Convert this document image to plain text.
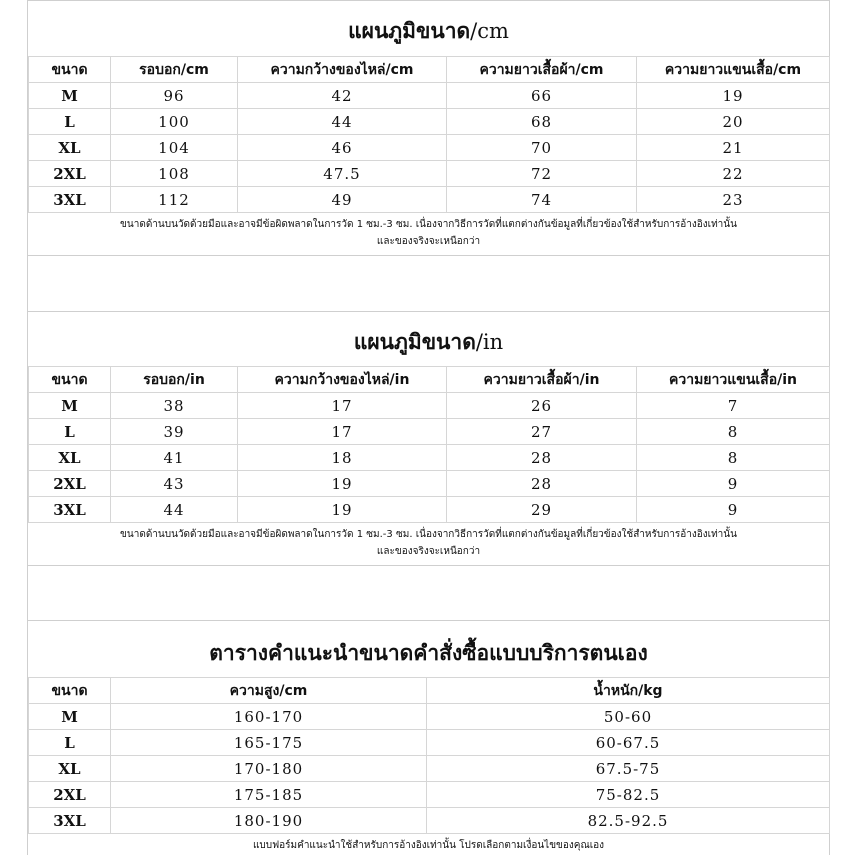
แผนภูมิขนาด/cm
ขนาด	รอบอก/cm	ความกว้างของไหล่/cm	ความยาวเสื้อผ้า/cm	ความยาวแขนเสื้อ/cm
M	96	42	66	19
L	100	44	68	20
XL	104	46	70	21
2XL	108	47.5	72	22
3XL	112	49	74	23
ขนาดด้านบนวัดด้วยมือและอาจมีข้อผิดพลาดในการวัด 1 ซม.-3 ซม. เนื่องจากวิธีการวัดที่แตกต่างกันข้อมูลที่เกี่ยวข้องใช้สำหรับการอ้างอิงเท่านั้น
และของจริงจะเหนือกว่า
แผนภูมิขนาด/in
ขนาด	รอบอก/in	ความกว้างของไหล่/in	ความยาวเสื้อผ้า/in	ความยาวแขนเสื้อ/in
M	38	17	26	7
L	39	17	27	8
XL	41	18	28	8
2XL	43	19	28	9
3XL	44	19	29	9
ขนาดด้านบนวัดด้วยมือและอาจมีข้อผิดพลาดในการวัด 1 ซม.-3 ซม. เนื่องจากวิธีการวัดที่แตกต่างกันข้อมูลที่เกี่ยวข้องใช้สำหรับการอ้างอิงเท่านั้น
และของจริงจะเหนือกว่า
ตารางคำแนะนำขนาดคำสั่งซื้อแบบบริการตนเอง
ขนาด	ความสูง/cm	น้ำหนัก/kg
M	160-170	50-60
L	165-175	60-67.5
XL	170-180	67.5-75
2XL	175-185	75-82.5
3XL	180-190	82.5-92.5
แบบฟอร์มคำแนะนำใช้สำหรับการอ้างอิงเท่านั้น โปรดเลือกตามเงื่อนไขของคุณเอง
